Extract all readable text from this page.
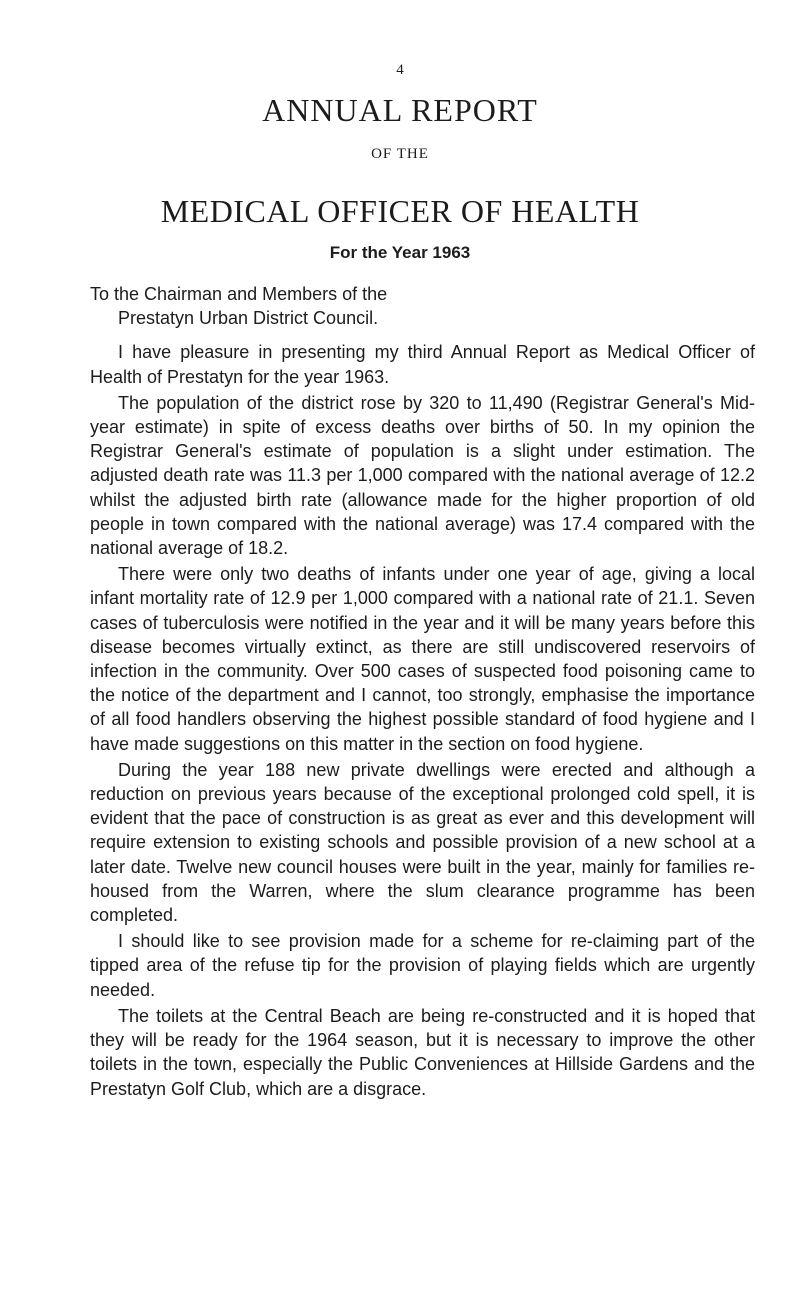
4
ANNUAL REPORT
OF THE
MEDICAL OFFICER OF HEALTH
For the Year 1963

To the Chairman and Members of the

Prestatyn Urban District Council.

I have pleasure in presenting my third Annual Report as Medical Officer of Health of Prestatyn for the year 1963.

The population of the district rose by 320 to 11,490 (Registrar General's Mid-year estimate) in spite of excess deaths over births of 50. In my opinion the Registrar General's estimate of population is a slight under estimation. The adjusted death rate was 11.3 per 1,000 compared with the national average of 12.2 whilst the adjusted birth rate (allowance made for the higher proportion of old people in town compared with the national average) was 17.4 compared with the national average of 18.2.

There were only two deaths of infants under one year of age, giving a local infant mortality rate of 12.9 per 1,000 compared with a national rate of 21.1. Seven cases of tuberculosis were notified in the year and it will be many years before this disease becomes virtually extinct, as there are still undiscovered reservoirs of infection in the community. Over 500 cases of suspected food poisoning came to the notice of the department and I cannot, too strongly, emphasise the importance of all food handlers observing the highest possible standard of food hygiene and I have made suggestions on this matter in the section on food hygiene.

During the year 188 new private dwellings were erected and although a reduction on previous years because of the exceptional prolonged cold spell, it is evident that the pace of construction is as great as ever and this development will require extension to existing schools and possible provision of a new school at a later date. Twelve new council houses were built in the year, mainly for families re-housed from the Warren, where the slum clearance programme has been completed.

I should like to see provision made for a scheme for re-claiming part of the tipped area of the refuse tip for the provision of playing fields which are urgently needed.

The toilets at the Central Beach are being re-constructed and it is hoped that they will be ready for the 1964 season, but it is necessary to improve the other toilets in the town, especially the Public Conveniences at Hillside Gardens and the Prestatyn Golf Club, which are a disgrace.
